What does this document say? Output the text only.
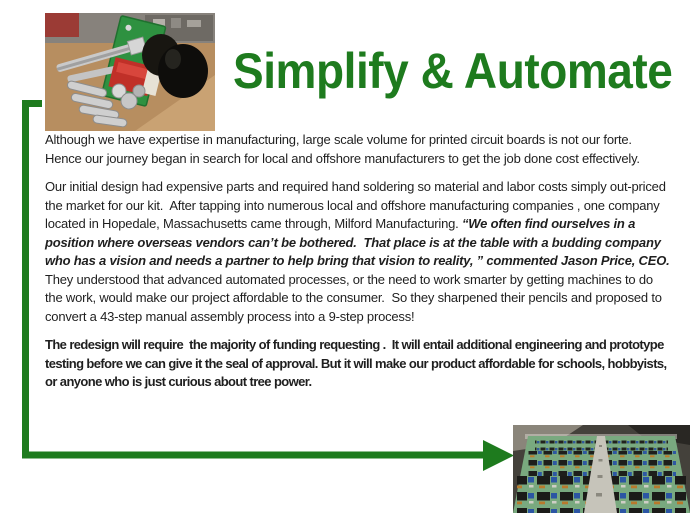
Simplify & Automate

Although we have expertise in manufacturing, large scale volume for printed circuit boards is not our forte.  Hence our journey began in search for local and offshore manufacturers to get the job done cost effectively.

Our initial design had expensive parts and required hand soldering so material and labor costs simply out-priced the market for our kit.  After tapping into numerous local and offshore manufacturing companies , one company located in Hopedale, Massachusetts came through, Milford Manufacturing. “We often find ourselves in a position where overseas vendors can’t be bothered.  That place is at the table with a budding company who has a vision and needs a partner to help bring that vision to reality, ” commented Jason Price, CEO.  They understood that advanced automated processes, or the need to work smarter by getting machines to do the work, would make our project affordable to the consumer.  So they sharpened their pencils and proposed to convert a 43-step manual assembly process into a 9-step process!

The redesign will require  the majority of funding requesting .  It will entail additional engineering and prototype testing before we can give it the seal of approval. But it will make our product affordable for schools, hobbyists, or anyone who is just curious about tree power.
